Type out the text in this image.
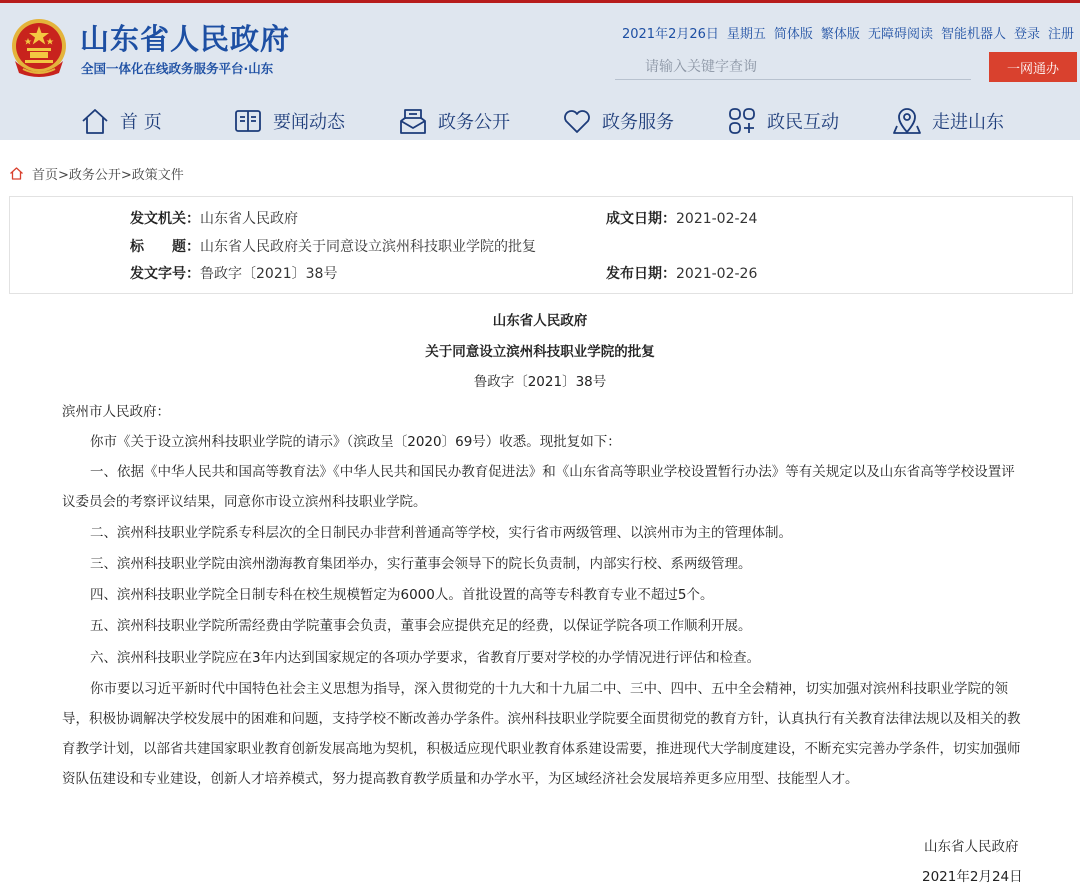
山东省人民政府
全国一体化在线政务服务平台·山东
2021年2月26日 星期五 简体版 繁体版 无障碍阅读 智能机器人 登录 注册
请输入关键字查询
一网通办
首 页	要闻动态	政务公开	政务服务	政民互动	走进山东
首页>政务公开>政策文件
发文机关：山东省人民政府	成文日期：2021-02-24
标　　题：山东省人民政府关于同意设立滨州科技职业学院的批复
发文字号：鲁政字〔2021〕38号	发布日期：2021-02-26
山东省人民政府
关于同意设立滨州科技职业学院的批复
鲁政字〔2021〕38号
滨州市人民政府：
你市《关于设立滨州科技职业学院的请示》（滨政呈〔2020〕69号）收悉。现批复如下：
一、依据《中华人民共和国高等教育法》《中华人民共和国民办教育促进法》和《山东省高等职业学校设置暂行办法》等有关规定以及山东省高等学校设置评议委员会的考察评议结果，同意你市设立滨州科技职业学院。
二、滨州科技职业学院系专科层次的全日制民办非营利普通高等学校，实行省市两级管理、以滨州市为主的管理体制。
三、滨州科技职业学院由滨州渤海教育集团举办，实行董事会领导下的院长负责制，内部实行校、系两级管理。
四、滨州科技职业学院全日制专科在校生规模暂定为6000人。首批设置的高等专科教育专业不超过5个。
五、滨州科技职业学院所需经费由学院董事会负责，董事会应提供充足的经费，以保证学院各项工作顺利开展。
六、滨州科技职业学院应在3年内达到国家规定的各项办学要求，省教育厅要对学校的办学情况进行评估和检查。
你市要以习近平新时代中国特色社会主义思想为指导，深入贯彻党的十九大和十九届二中、三中、四中、五中全会精神，切实加强对滨州科技职业学院的领导，积极协调解决学校发展中的困难和问题，支持学校不断改善办学条件。滨州科技职业学院要全面贯彻党的教育方针，认真执行有关教育法律法规以及相关的教育教学计划，以部省共建国家职业教育创新发展高地为契机，积极适应现代职业教育体系建设需要，推进现代大学制度建设，不断充实完善办学条件，切实加强师资队伍建设和专业建设，创新人才培养模式，努力提高教育教学质量和办学水平，为区域经济社会发展培养更多应用型、技能型人才。
山东省人民政府
2021年2月24日
